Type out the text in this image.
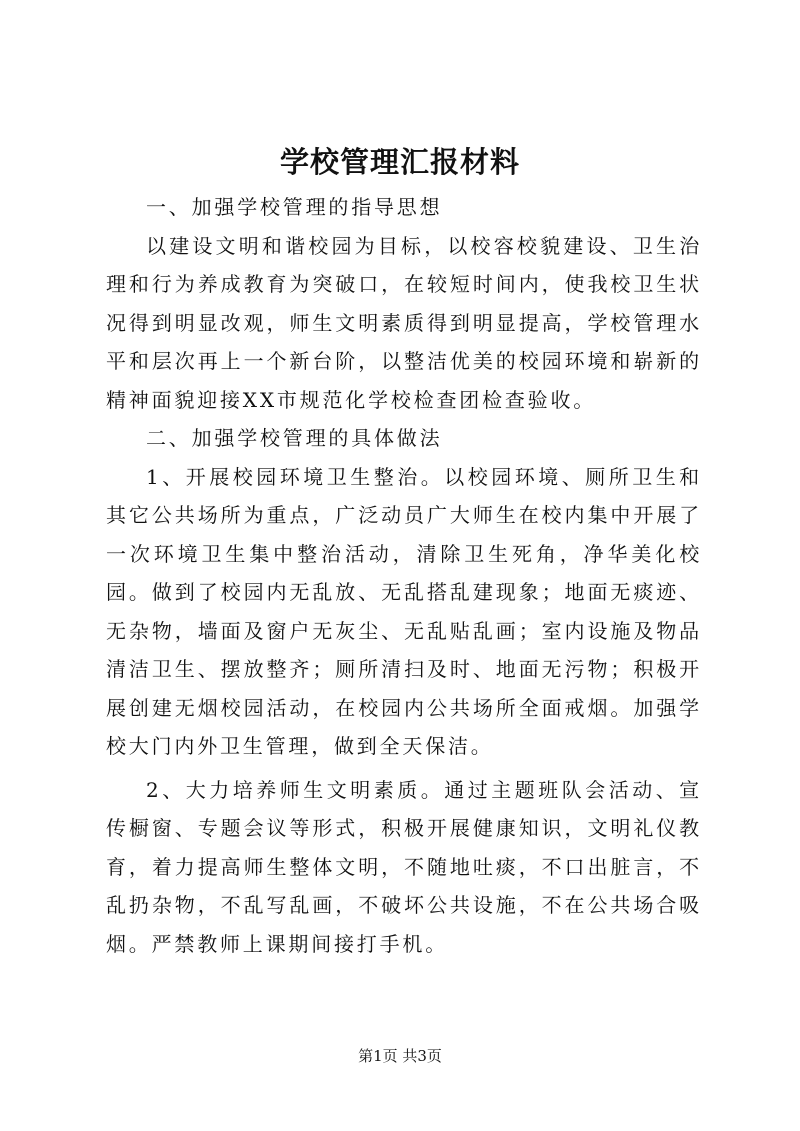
学校管理汇报材料

一、加强学校管理的指导思想

以建设文明和谐校园为目标，以校容校貌建设、卫生治理和行为养成教育为突破口，在较短时间内，使我校卫生状况得到明显改观，师生文明素质得到明显提高，学校管理水平和层次再上一个新台阶，以整洁优美的校园环境和崭新的精神面貌迎接XX市规范化学校检查团检查验收。

二、加强学校管理的具体做法

1、开展校园环境卫生整治。以校园环境、厕所卫生和其它公共场所为重点，广泛动员广大师生在校内集中开展了一次环境卫生集中整治活动，清除卫生死角，净华美化校园。做到了校园内无乱放、无乱搭乱建现象；地面无痰迹、无杂物，墙面及窗户无灰尘、无乱贴乱画；室内设施及物品清洁卫生、摆放整齐；厕所清扫及时、地面无污物；积极开展创建无烟校园活动，在校园内公共场所全面戒烟。加强学校大门内外卫生管理，做到全天保洁。

2、大力培养师生文明素质。通过主题班队会活动、宣传橱窗、专题会议等形式，积极开展健康知识，文明礼仪教育，着力提高师生整体文明，不随地吐痰，不口出脏言，不乱扔杂物，不乱写乱画，不破坏公共设施，不在公共场合吸烟。严禁教师上课期间接打手机。

第1页 共3页
